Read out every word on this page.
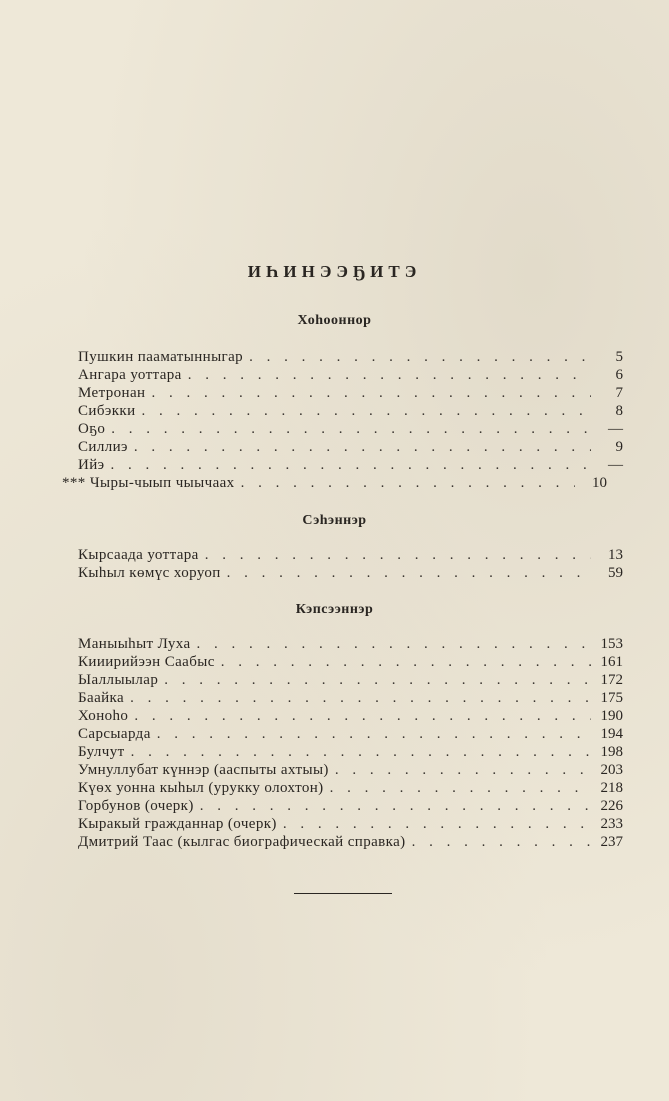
ИҺИНЭЭҔИТЭ
Хоһооннор
Пушкин пааматынныгар . . .	5
Ангара уоттара . . .	6
Метронан . . .	7
Сибэкки . . .	8
Оҕо . . .	—
Силлиэ . . .	9
Ийэ . . .	—
*** Чыры-чыып чыычаах . . .	10
Сэһэннэр
Кырсаада уоттара . . .	13
Кыһыл көмүс хоруоп . . .	59
Кэпсээннэр
Маныыһыт Луха . . .	153
Кииирийээн Саабыс . . .	161
Ыаллыылар . . .	172
Баайка . . .	175
Хоноһо . . .	190
Сарсыарда . . .	194
Булчут . . .	198
Умнуллубат күннэр (аaспыты ахтыы) . . .	203
Күөх уонна кыһыл (урукку олохтон) . . .	218
Горбунов (очерк) . . .	226
Кыракый гражданнар (очерк) . . .	233
Дмитрий Таас (кылгас биографическай справка) . . .	237
